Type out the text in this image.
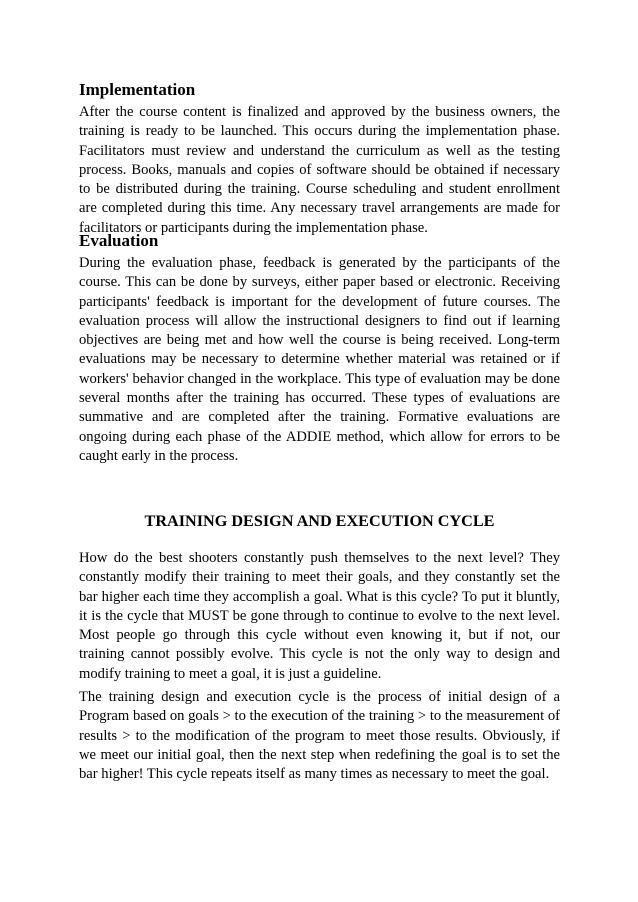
Implementation

After the course content is finalized and approved by the business owners, the training is ready to be launched. This occurs during the implementation phase. Facilitators must review and understand the curriculum as well as the testing process. Books, manuals and copies of software should be obtained if necessary to be distributed during the training. Course scheduling and student enrollment are completed during this time. Any necessary travel arrangements are made for facilitators or participants during the implementation phase.

Evaluation

During the evaluation phase, feedback is generated by the participants of the course. This can be done by surveys, either paper based or electronic. Receiving participants' feedback is important for the development of future courses. The evaluation process will allow the instructional designers to find out if learning objectives are being met and how well the course is being received. Long-term evaluations may be necessary to determine whether material was retained or if workers' behavior changed in the workplace. This type of evaluation may be done several months after the training has occurred. These types of evaluations are summative and are completed after the training. Formative evaluations are ongoing during each phase of the ADDIE method, which allow for errors to be caught early in the process.

TRAINING DESIGN AND EXECUTION CYCLE

How do the best shooters constantly push themselves to the next level? They constantly modify their training to meet their goals, and they constantly set the bar higher each time they accomplish a goal. What is this cycle? To put it bluntly, it is the cycle that MUST be gone through to continue to evolve to the next level. Most people go through this cycle without even knowing it, but if not, our training cannot possibly evolve. This cycle is not the only way to design and modify training to meet a goal, it is just a guideline.

The training design and execution cycle is the process of initial design of a Program based on goals > to the execution of the training > to the measurement of results > to the modification of the program to meet those results. Obviously, if we meet our initial goal, then the next step when redefining the goal is to set the bar higher! This cycle repeats itself as many times as necessary to meet the goal.
